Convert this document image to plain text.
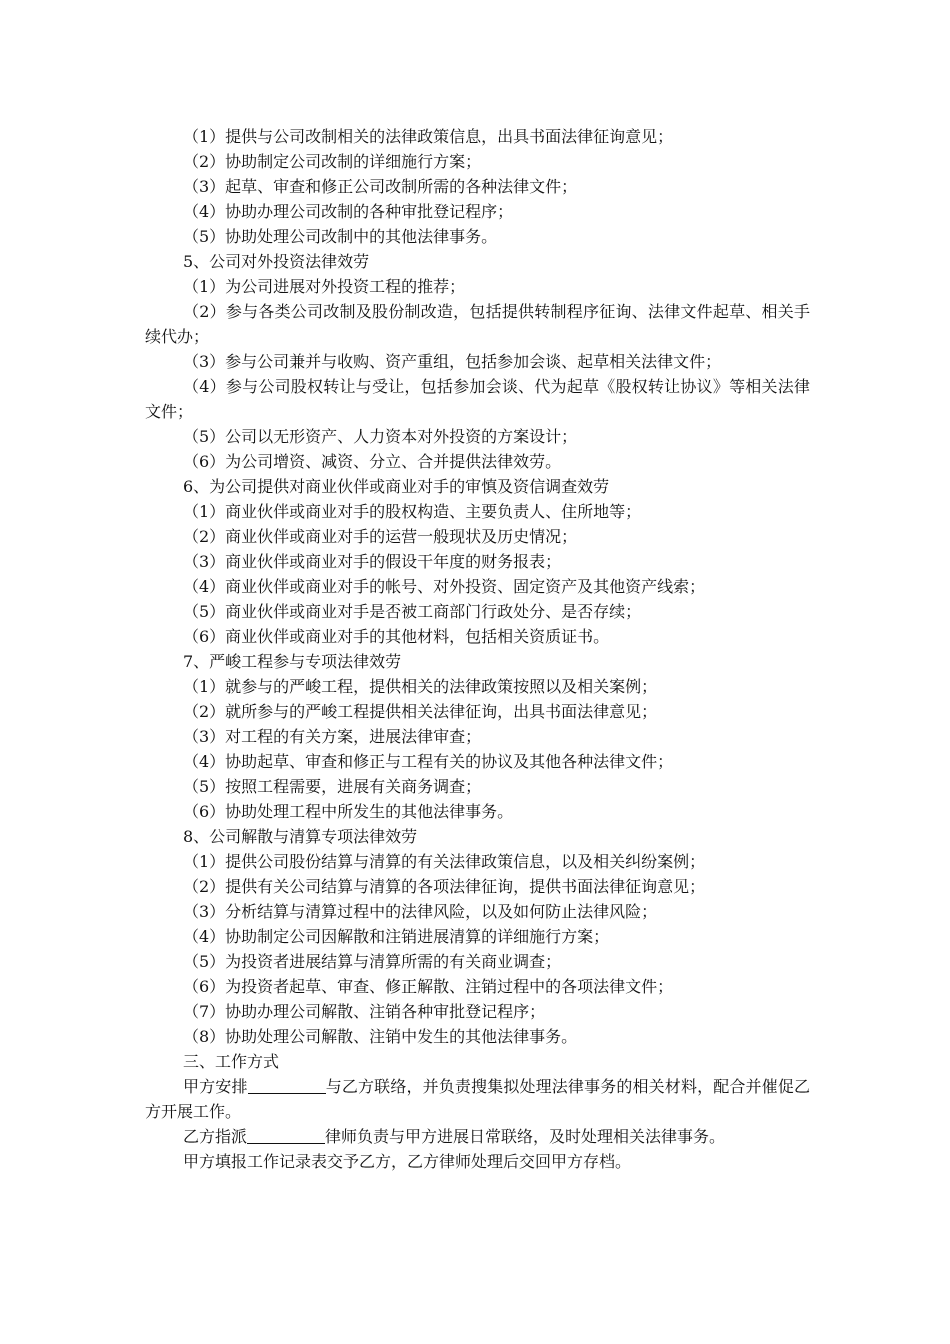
（1）提供与公司改制相关的法律政策信息，出具书面法律征询意见；

（2）协助制定公司改制的详细施行方案；

（3）起草、审查和修正公司改制所需的各种法律文件；

（4）协助办理公司改制的各种审批登记程序；

（5）协助处理公司改制中的其他法律事务。

5、公司对外投资法律效劳

（1）为公司进展对外投资工程的推荐；

（2）参与各类公司改制及股份制改造，包括提供转制程序征询、法律文件起草、相关手续代办；

（3）参与公司兼并与收购、资产重组，包括参加会谈、起草相关法律文件；

（4）参与公司股权转让与受让，包括参加会谈、代为起草《股权转让协议》等相关法律文件；

（5）公司以无形资产、人力资本对外投资的方案设计；

（6）为公司增资、减资、分立、合并提供法律效劳。

6、为公司提供对商业伙伴或商业对手的审慎及资信调查效劳

（1）商业伙伴或商业对手的股权构造、主要负责人、住所地等；

（2）商业伙伴或商业对手的运营一般现状及历史情况；

（3）商业伙伴或商业对手的假设干年度的财务报表；

（4）商业伙伴或商业对手的帐号、对外投资、固定资产及其他资产线索；

（5）商业伙伴或商业对手是否被工商部门行政处分、是否存续；

（6）商业伙伴或商业对手的其他材料，包括相关资质证书。

7、严峻工程参与专项法律效劳

（1）就参与的严峻工程，提供相关的法律政策按照以及相关案例；

（2）就所参与的严峻工程提供相关法律征询，出具书面法律意见；

（3）对工程的有关方案，进展法律审查；

（4）协助起草、审查和修正与工程有关的协议及其他各种法律文件；

（5）按照工程需要，进展有关商务调查；

（6）协助处理工程中所发生的其他法律事务。

8、公司解散与清算专项法律效劳

（1）提供公司股份结算与清算的有关法律政策信息，以及相关纠纷案例；

（2）提供有关公司结算与清算的各项法律征询，提供书面法律征询意见；

（3）分析结算与清算过程中的法律风险，以及如何防止法律风险；

（4）协助制定公司因解散和注销进展清算的详细施行方案；

（5）为投资者进展结算与清算所需的有关商业调查；

（6）为投资者起草、审查、修正解散、注销过程中的各项法律文件；

（7）协助办理公司解散、注销各种审批登记程序；

（8）协助处理公司解散、注销中发生的其他法律事务。

三、工作方式

甲方安排	与乙方联络，并负责搜集拟处理法律事务的相关材料，配合并催促乙方开展工作。

乙方指派	律师负责与甲方进展日常联络，及时处理相关法律事务。

甲方填报工作记录表交予乙方，乙方律师处理后交回甲方存档。
